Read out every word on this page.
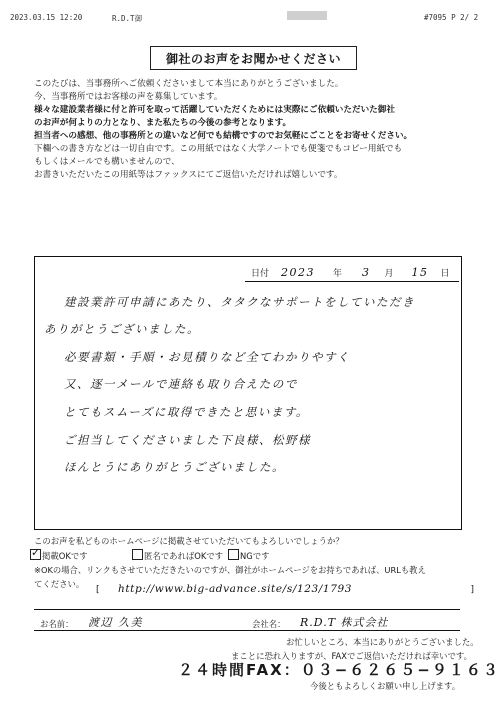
2023.03.15 12:20	R.D.T御	#7095 P 2/ 2
御社のお声をお聞かせください

このたびは、当事務所へご依頼くださいまして本当にありがとうございました。

今、当事務所ではお客様の声を募集しています。

様々な建設業者様に付と許可を取って活躍していただくためには実際にご依頼いただいた御社

のお声が何よりの力となり、また私たちの今後の参考となります。

担当者への感想、他の事務所との違いなど何でも結構ですのでお気軽にごことをお寄せください。

下欄への書き方などは一切自由です。この用紙ではなく大学ノートでも便箋でもコピー用紙でも

もしくはメールでも構いませんので、

お書きいただいたこの用紙等はファックスにてご返信いただければ嬉しいです。

日付 2023 年 3 月 15 日
建設業許可申請にあたり、タタクなサポートをしていただき
ありがとうございました。
必要書類・手順・お見積りなど全てわかりやすく
又、逐一メールで連絡も取り合えたので
とてもスムーズに取得できたと思います。
ご担当してくださいました下良様、松野様
ほんとうにありがとうございました。
このお声を私どものホームページに掲載させていただいてもよろしいでしょうか？
✓掲載OKです	匿名であればOKです	NGです
※OKの場合、リンクもさせていただきたいのですが、御社がホームページをお持ちであれば、URLも教え
てください。
[ http://www.big-advance.site/s/123/1793	]
お名前： 渡辺 久美	会社名： R.D.T 株式会社
お忙しいところ、本当にありがとうございました。
まことに恐れ入りますが、FAXでご返信いただければ幸いです。
２４時間FAX：０３−６２６５−９１６３
今後ともよろしくお願い申し上げます。
